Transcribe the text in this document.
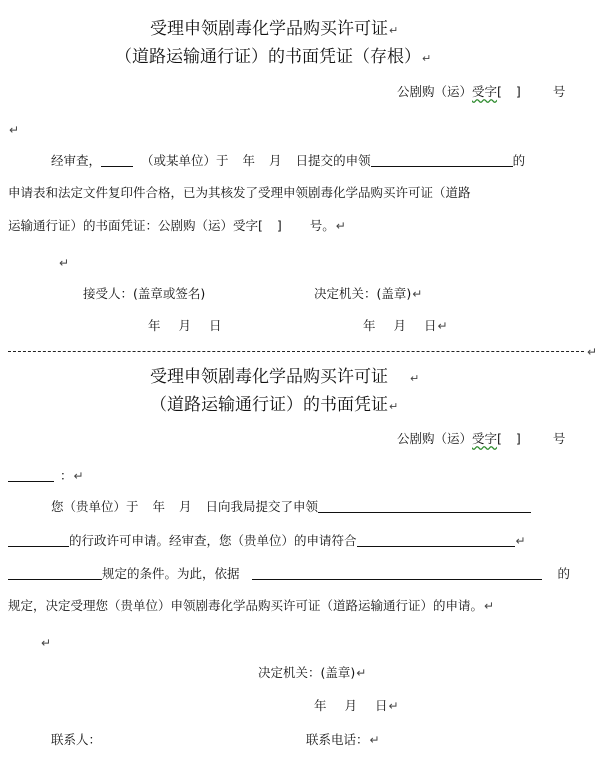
受理申领剧毒化学品购买许可证↵
（道路运输通行证）的书面凭证（存根）↵
公剧购（运）受字[ ]	号
↵
经审查，	（或某单位）于 年 月 日提交的申领	的
申请表和法定文件复印件合格，已为其核发了受理申领剧毒化学品购买许可证（道路
运输通行证）的书面凭证：公剧购（运）受字[ ] 号。↵
↵
接受人：(盖章或签名)	决定机关：(盖章)↵
年 月 日	年 月 日↵
↵
受理申领剧毒化学品购买许可证 ↵
（道路运输通行证）的书面凭证↵
公剧购（运）受字[ ]	号
：↵
您（贵单位）于 年 月 日向我局提交了申领
的行政许可申请。经审查，您（贵单位）的申请符合	↵
规定的条件。为此，依据	的
规定，决定受理您（贵单位）申领剧毒化学品购买许可证（道路运输通行证）的申请。↵
↵
决定机关：(盖章)↵
年 月 日↵
联系人：	联系电话：↵
